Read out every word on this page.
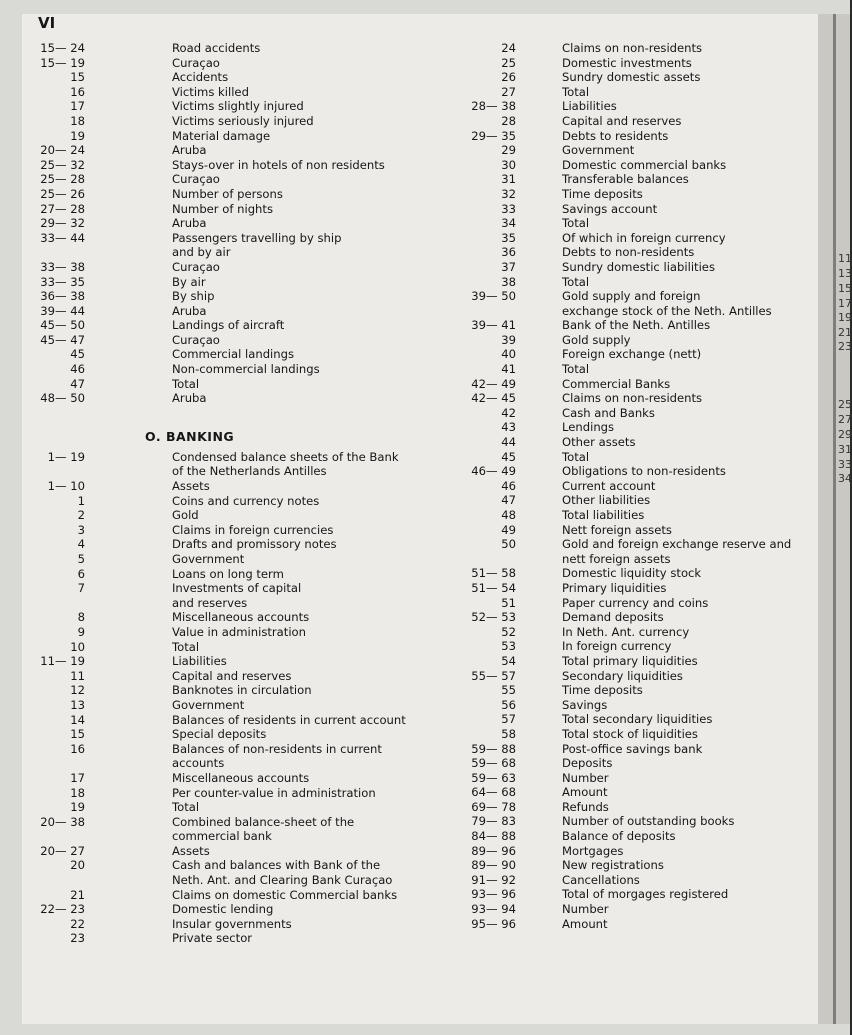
VI
15— 24	Road accidents
15— 19	Curaçao
15	Accidents
16	Victims killed
17	Victims slightly injured
18	Victims seriously injured
19	Material damage
20— 24	Aruba
25— 32	Stays-over in hotels of non residents
25— 28	Curaçao
25— 26	Number of persons
27— 28	Number of nights
29— 32	Aruba
33— 44	Passengers travelling by ship
and by air
33— 38	Curaçao
33— 35	By air
36— 38	By ship
39— 44	Aruba
45— 50	Landings of aircraft
45— 47	Curaçao
45	Commercial landings
46	Non-commercial landings
47	Total
48— 50	Aruba
1— 19	Condensed balance sheets of the Bank
of the Netherlands Antilles
1— 10	Assets
1	Coins and currency notes
2	Gold
3	Claims in foreign currencies
4	Drafts and promissory notes
5	Government
6	Loans on long term
7	Investments of capital
and reserves
8	Miscellaneous accounts
9	Value in administration
10	Total
11— 19	Liabilities
11	Capital and reserves
12	Banknotes in circulation
13	Government
14	Balances of residents in current account
15	Special deposits
16	Balances of non-residents in current
accounts
17	Miscellaneous accounts
18	Per counter-value in administration
19	Total
20— 38	Combined balance-sheet of the
commercial bank
20— 27	Assets
20	Cash and balances with Bank of the
Neth. Ant. and Clearing Bank Curaçao
21	Claims on domestic Commercial banks
22— 23	Domestic lending
22	Insular governments
23	Private sector
O. BANKING
24	Claims on non-residents
25	Domestic investments
26	Sundry domestic assets
27	Total
28— 38	Liabilities
28	Capital and reserves
29— 35	Debts to residents
29	Government
30	Domestic commercial banks
31	Transferable balances
32	Time deposits
33	Savings account
34	Total
35	Of which in foreign currency
36	Debts to non-residents
37	Sundry domestic liabilities
38	Total
39— 50	Gold supply and foreign
exchange stock of the Neth. Antilles
39— 41	Bank of the Neth. Antilles
39	Gold supply
40	Foreign exchange (nett)
41	Total
42— 49	Commercial Banks
42— 45	Claims on non-residents
42	Cash and Banks
43	Lendings
44	Other assets
45	Total
46— 49	Obligations to non-residents
46	Current account
47	Other liabilities
48	Total liabilities
49	Nett foreign assets
50	Gold and foreign exchange reserve and
nett foreign assets
51— 58	Domestic liquidity stock
51— 54	Primary liquidities
51	Paper currency and coins
52— 53	Demand deposits
52	In Neth. Ant. currency
53	In foreign currency
54	Total primary liquidities
55— 57	Secondary liquidities
55	Time deposits
56	Savings
57	Total secondary liquidities
58	Total stock of liquidities
59— 88	Post-office savings bank
59— 68	Deposits
59— 63	Number
64— 68	Amount
69— 78	Refunds
79— 83	Number of outstanding books
84— 88	Balance of deposits
89— 96	Mortgages
89— 90	New registrations
91— 92	Cancellations
93— 96	Total of morgages registered
93— 94	Number
95— 96	Amount
11
13
15
17
19
21
23
25
27
29
31
33
34
